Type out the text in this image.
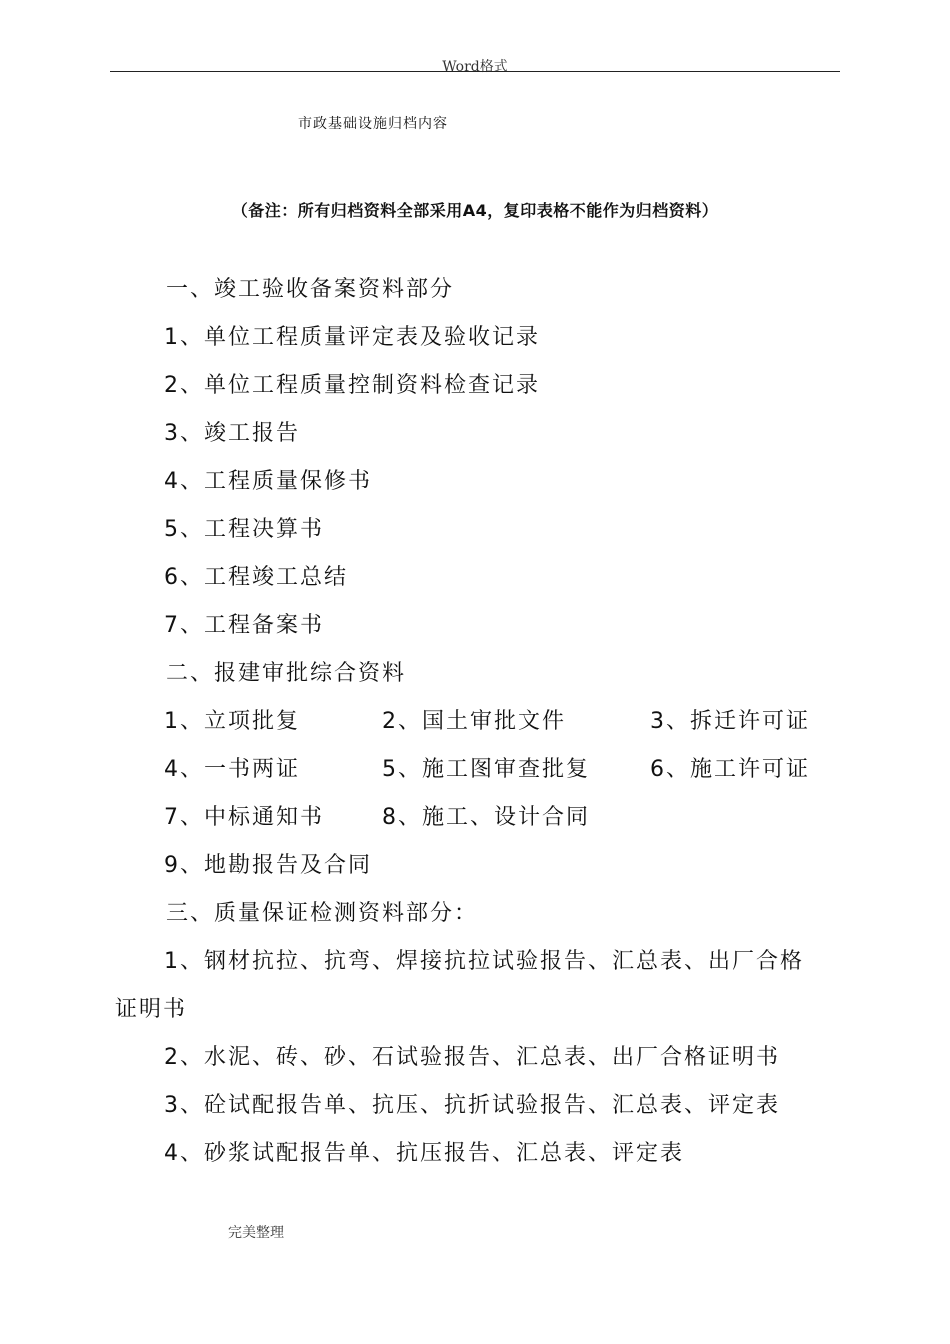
Word格式
市政基础设施归档内容
（备注：所有归档资料全部采用A4，复印表格不能作为归档资料）
一、竣工验收备案资料部分
1、单位工程质量评定表及验收记录
2、单位工程质量控制资料检查记录
3、竣工报告
4、工程质量保修书
5、工程决算书
6、工程竣工总结
7、工程备案书
二、报建审批综合资料
1、立项批复	2、国土审批文件	3、拆迁许可证
4、一书两证	5、施工图审查批复	6、施工许可证
7、中标通知书	8、施工、设计合同
9、地勘报告及合同
三、质量保证检测资料部分：
1、钢材抗拉、抗弯、焊接抗拉试验报告、汇总表、出厂合格
证明书
2、水泥、砖、砂、石试验报告、汇总表、出厂合格证明书
3、砼试配报告单、抗压、抗折试验报告、汇总表、评定表
4、砂浆试配报告单、抗压报告、汇总表、评定表
完美整理
